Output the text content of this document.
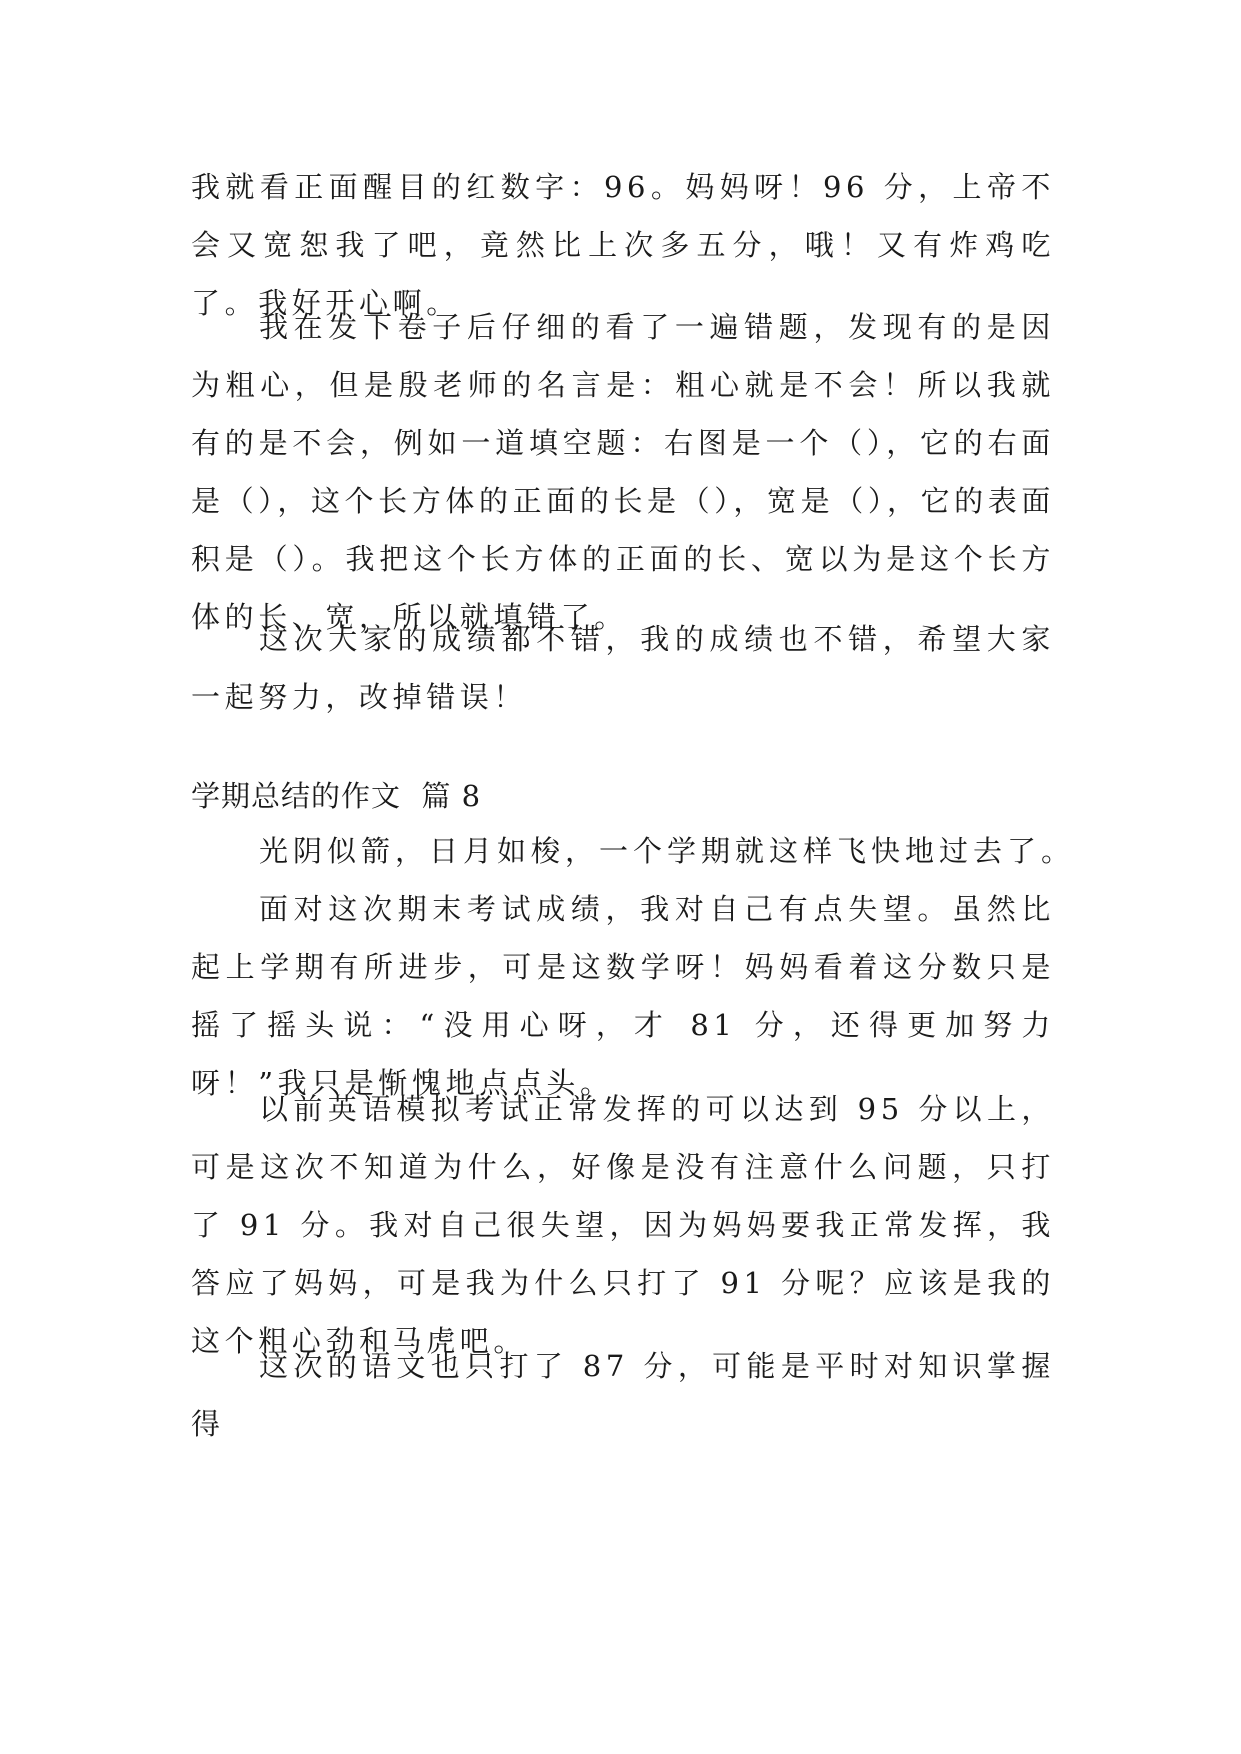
我就看正面醒目的红数字：96。妈妈呀！96 分，上帝不会又宽恕我了吧，竟然比上次多五分，哦！又有炸鸡吃了。我好开心啊。

我在发下卷子后仔细的看了一遍错题，发现有的是因为粗心，但是殷老师的名言是：粗心就是不会！所以我就有的是不会，例如一道填空题：右图是一个（），它的右面是（），这个长方体的正面的长是（），宽是（），它的表面积是（）。我把这个长方体的正面的长、宽以为是这个长方体的长、宽，所以就填错了。

这次大家的成绩都不错，我的成绩也不错，希望大家一起努力，改掉错误！

学期总结的作文  篇 8

光阴似箭，日月如梭，一个学期就这样飞快地过去了。

面对这次期末考试成绩，我对自己有点失望。虽然比起上学期有所进步，可是这数学呀！妈妈看着这分数只是摇了摇头说：“没用心呀，才 81 分，还得更加努力呀！”我只是惭愧地点点头。

以前英语模拟考试正常发挥的可以达到 95 分以上，可是这次不知道为什么，好像是没有注意什么问题，只打了 91 分。我对自己很失望，因为妈妈要我正常发挥，我答应了妈妈，可是我为什么只打了 91 分呢？应该是我的这个粗心劲和马虎吧。

这次的语文也只打了 87 分，可能是平时对知识掌握得
